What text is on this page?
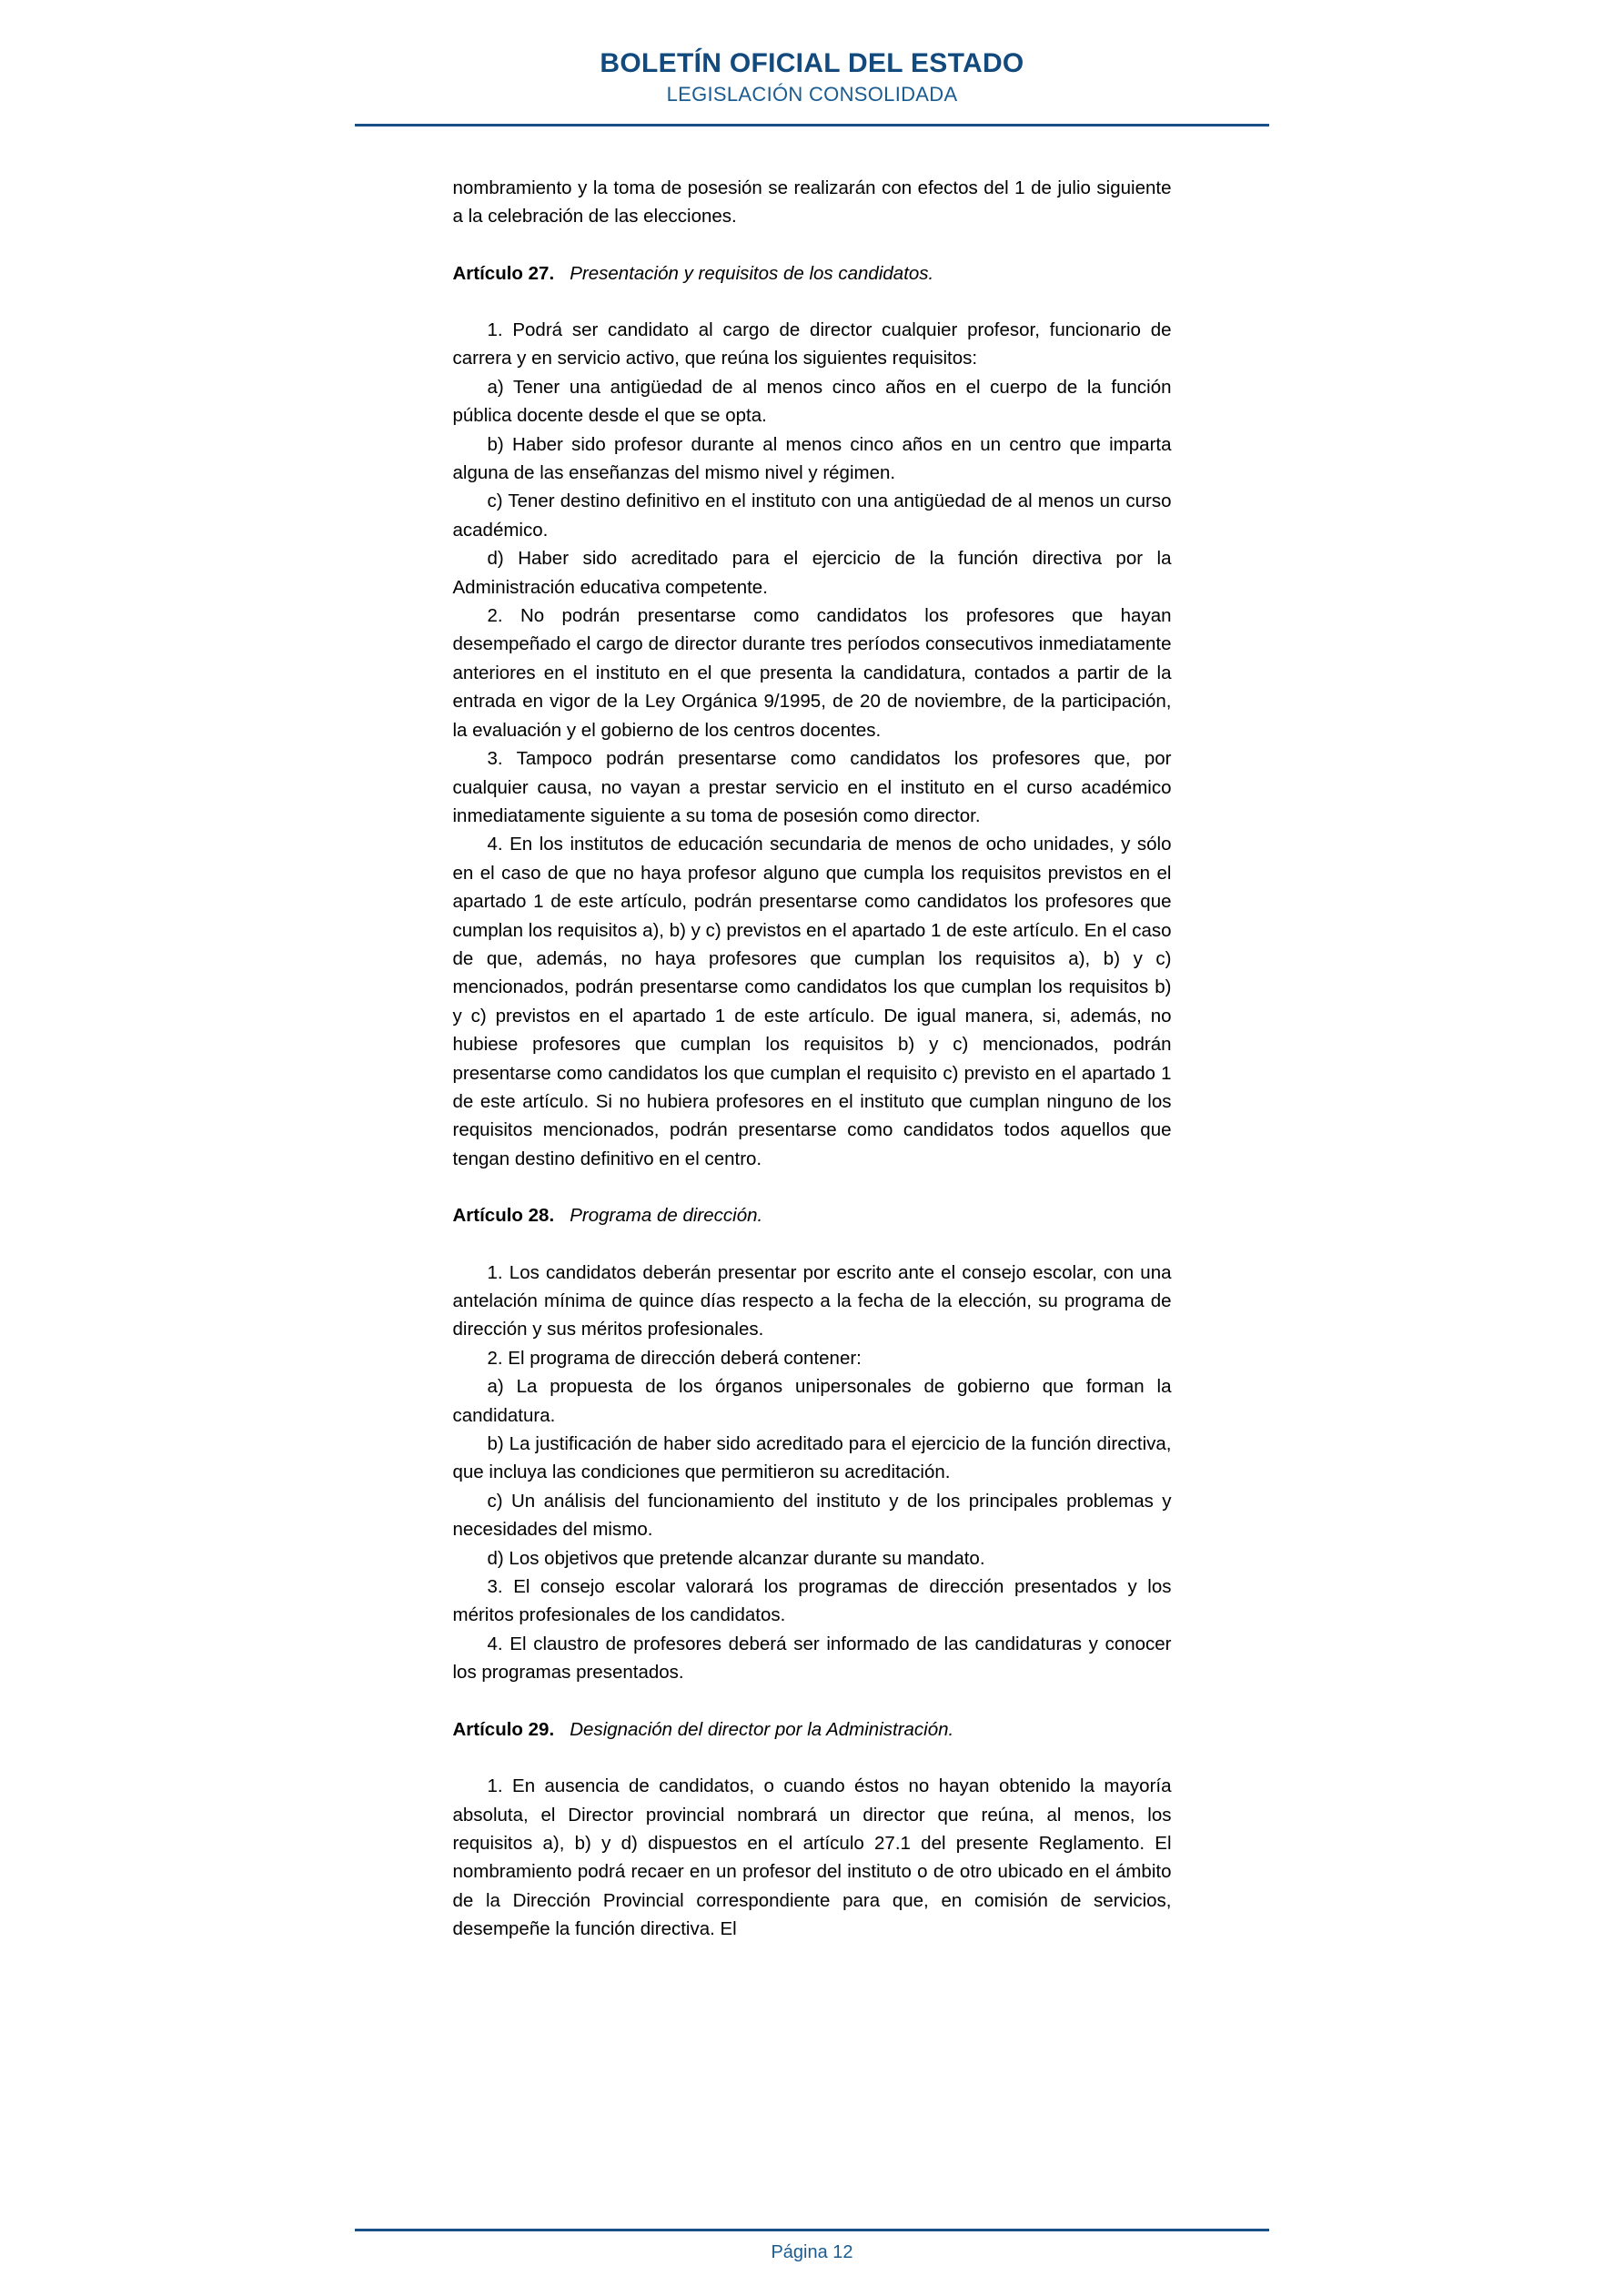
BOLETÍN OFICIAL DEL ESTADO
LEGISLACIÓN CONSOLIDADA

nombramiento y la toma de posesión se realizarán con efectos del 1 de julio siguiente a la celebración de las elecciones.

Artículo 27. Presentación y requisitos de los candidatos.

1. Podrá ser candidato al cargo de director cualquier profesor, funcionario de carrera y en servicio activo, que reúna los siguientes requisitos:

a) Tener una antigüedad de al menos cinco años en el cuerpo de la función pública docente desde el que se opta.

b) Haber sido profesor durante al menos cinco años en un centro que imparta alguna de las enseñanzas del mismo nivel y régimen.

c) Tener destino definitivo en el instituto con una antigüedad de al menos un curso académico.

d) Haber sido acreditado para el ejercicio de la función directiva por la Administración educativa competente.

2. No podrán presentarse como candidatos los profesores que hayan desempeñado el cargo de director durante tres períodos consecutivos inmediatamente anteriores en el instituto en el que presenta la candidatura, contados a partir de la entrada en vigor de la Ley Orgánica 9/1995, de 20 de noviembre, de la participación, la evaluación y el gobierno de los centros docentes.

3. Tampoco podrán presentarse como candidatos los profesores que, por cualquier causa, no vayan a prestar servicio en el instituto en el curso académico inmediatamente siguiente a su toma de posesión como director.

4. En los institutos de educación secundaria de menos de ocho unidades, y sólo en el caso de que no haya profesor alguno que cumpla los requisitos previstos en el apartado 1 de este artículo, podrán presentarse como candidatos los profesores que cumplan los requisitos a), b) y c) previstos en el apartado 1 de este artículo. En el caso de que, además, no haya profesores que cumplan los requisitos a), b) y c) mencionados, podrán presentarse como candidatos los que cumplan los requisitos b) y c) previstos en el apartado 1 de este artículo. De igual manera, si, además, no hubiese profesores que cumplan los requisitos b) y c) mencionados, podrán presentarse como candidatos los que cumplan el requisito c) previsto en el apartado 1 de este artículo. Si no hubiera profesores en el instituto que cumplan ninguno de los requisitos mencionados, podrán presentarse como candidatos todos aquellos que tengan destino definitivo en el centro.

Artículo 28. Programa de dirección.

1. Los candidatos deberán presentar por escrito ante el consejo escolar, con una antelación mínima de quince días respecto a la fecha de la elección, su programa de dirección y sus méritos profesionales.

2. El programa de dirección deberá contener:

a) La propuesta de los órganos unipersonales de gobierno que forman la candidatura.

b) La justificación de haber sido acreditado para el ejercicio de la función directiva, que incluya las condiciones que permitieron su acreditación.

c) Un análisis del funcionamiento del instituto y de los principales problemas y necesidades del mismo.

d) Los objetivos que pretende alcanzar durante su mandato.

3. El consejo escolar valorará los programas de dirección presentados y los méritos profesionales de los candidatos.

4. El claustro de profesores deberá ser informado de las candidaturas y conocer los programas presentados.

Artículo 29. Designación del director por la Administración.

1. En ausencia de candidatos, o cuando éstos no hayan obtenido la mayoría absoluta, el Director provincial nombrará un director que reúna, al menos, los requisitos a), b) y d) dispuestos en el artículo 27.1 del presente Reglamento. El nombramiento podrá recaer en un profesor del instituto o de otro ubicado en el ámbito de la Dirección Provincial correspondiente para que, en comisión de servicios, desempeñe la función directiva. El

Página 12
